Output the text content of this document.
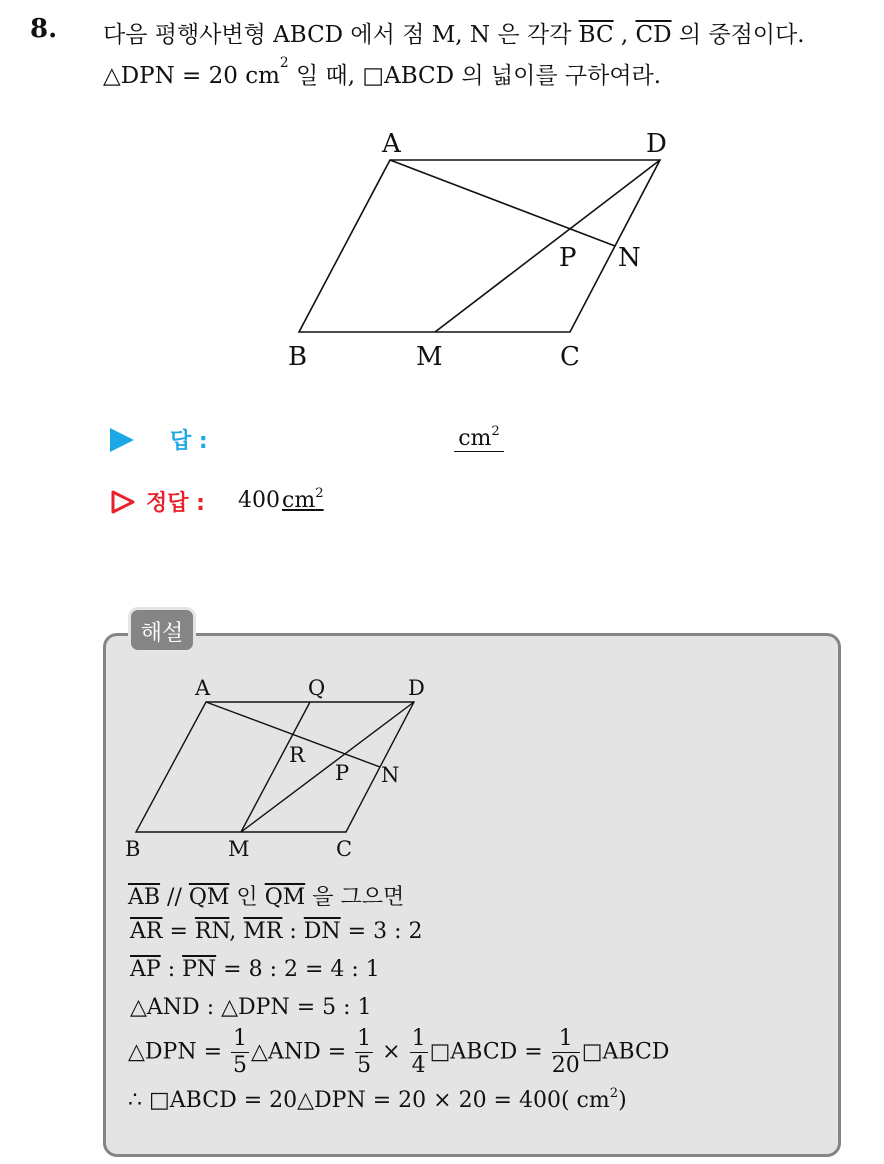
8. 다음 평행사변형 ABCD 에서 점 M, N 은 각각 $\overline{BC}$ , $\overline{CD}$ 의 중점이다.
△DPN = 20 $cm^2$ 일 때, □ABCD 의 넓이를 구하여라.
A	D
B	M	C
P N
답 :	$cm^2$
정답 : $400cm^2$
해설
A	Q	D
R
P N
B	M	C
$\overline{AB} // \overline{QM}$ 인 $\overline{QM}$ 을 그으면
$\overline{AR} = \overline{RN}$, $\overline{MR}$ : $\overline{DN} = 3$ : 2
$\overline{AP}$ : $\overline{PN} = 8$ : 2 = 4 : 1
△AND : △DPN = 5 : 1
△DPN = $\frac{1}{5}$ △AND = $\frac{1}{5} \times \frac{1}{4}$ □ABCD = $\frac{1}{20}$ □ABCD
∴ □ABCD = 20△DPN = 20 × 20 = 400( $cm^2$)
